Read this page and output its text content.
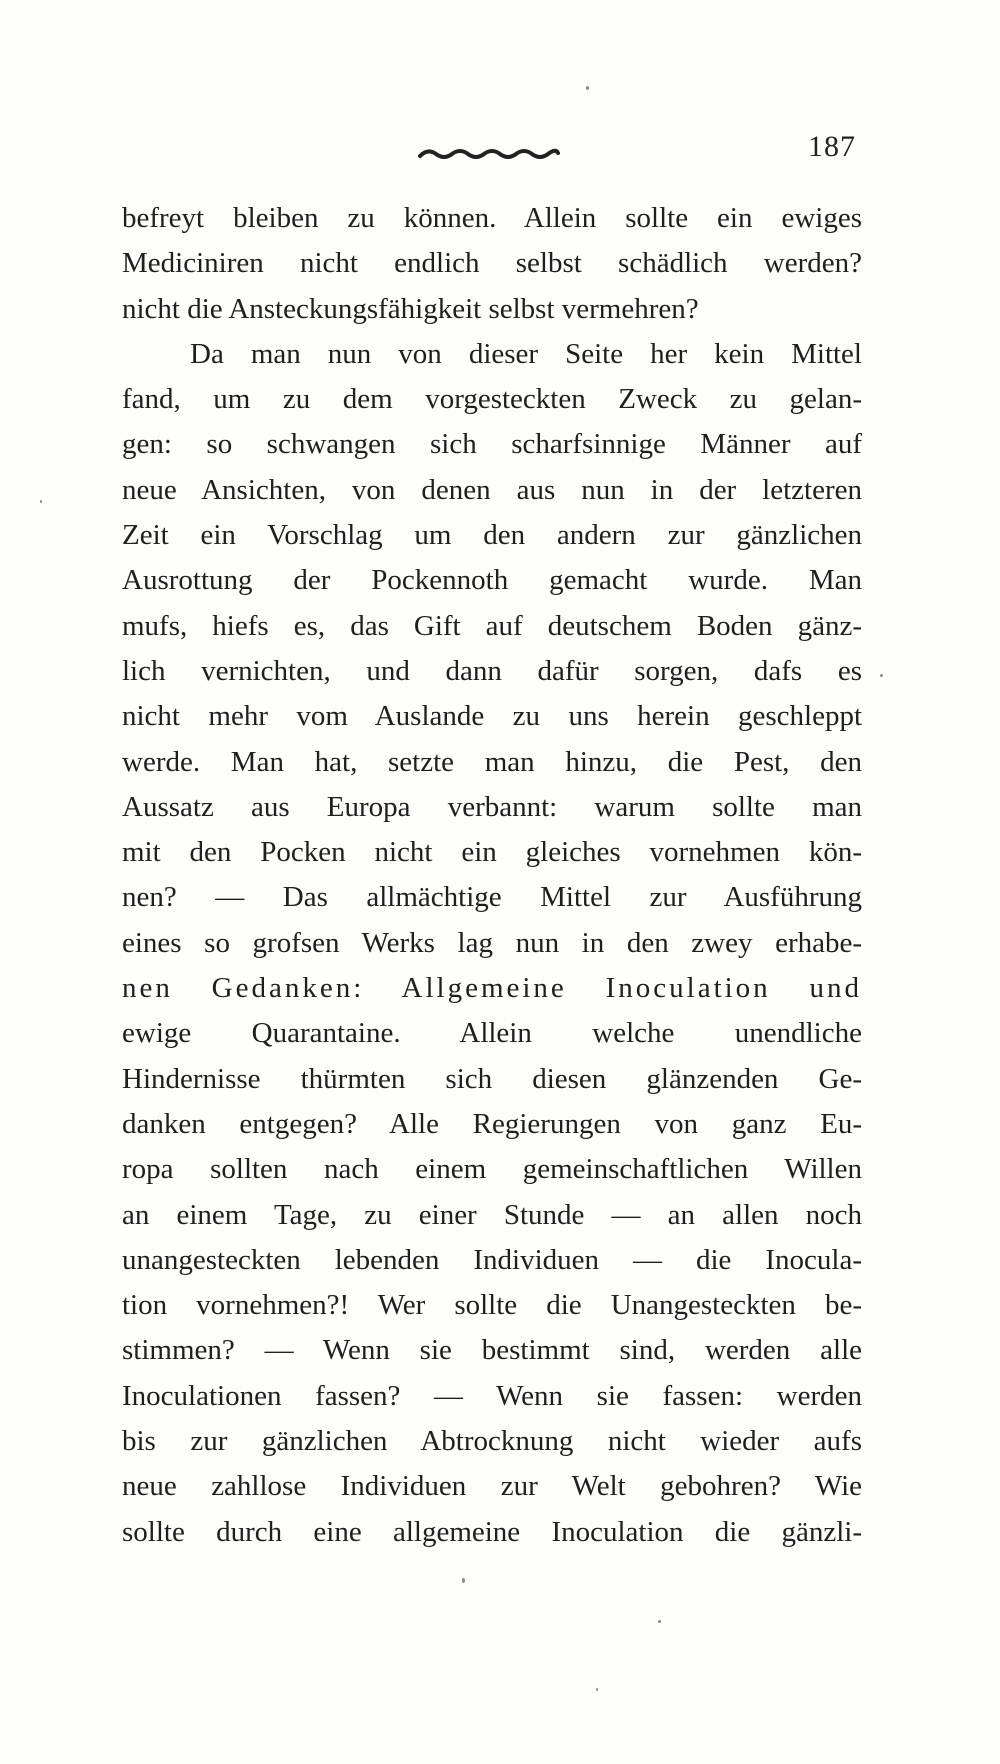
187
befreyt bleiben zu können. Allein sollte ein ewiges
Mediciniren nicht endlich selbst schädlich werden?
nicht die Ansteckungsfähigkeit selbst vermehren?
Da man nun von dieser Seite her kein Mittel
fand, um zu dem vorgesteckten Zweck zu gelan-
gen: so schwangen sich scharfsinnige Männer auf
neue Ansichten, von denen aus nun in der letzteren
Zeit ein Vorschlag um den andern zur gänzlichen
Ausrottung der Pockennoth gemacht wurde. Man
mufs, hiefs es, das Gift auf deutschem Boden gänz-
lich vernichten, und dann dafür sorgen, dafs es
nicht mehr vom Auslande zu uns herein geschleppt
werde. Man hat, setzte man hinzu, die Pest, den
Aussatz aus Europa verbannt: warum sollte man
mit den Pocken nicht ein gleiches vornehmen kön-
nen? — Das allmächtige Mittel zur Ausführung
eines so grofsen Werks lag nun in den zwey erhabe-
nen Gedanken: Allgemeine Inoculation und
ewige Quarantaine. Allein welche unendliche
Hindernisse thürmten sich diesen glänzenden Ge-
danken entgegen? Alle Regierungen von ganz Eu-
ropa sollten nach einem gemeinschaftlichen Willen
an einem Tage, zu einer Stunde — an allen noch
unangesteckten lebenden Individuen — die Inocula-
tion vornehmen?! Wer sollte die Unangesteckten be-
stimmen? — Wenn sie bestimmt sind, werden alle
Inoculationen fassen? — Wenn sie fassen: werden
bis zur gänzlichen Abtrocknung nicht wieder aufs
neue zahllose Individuen zur Welt gebohren? Wie
sollte durch eine allgemeine Inoculation die gänzli-
